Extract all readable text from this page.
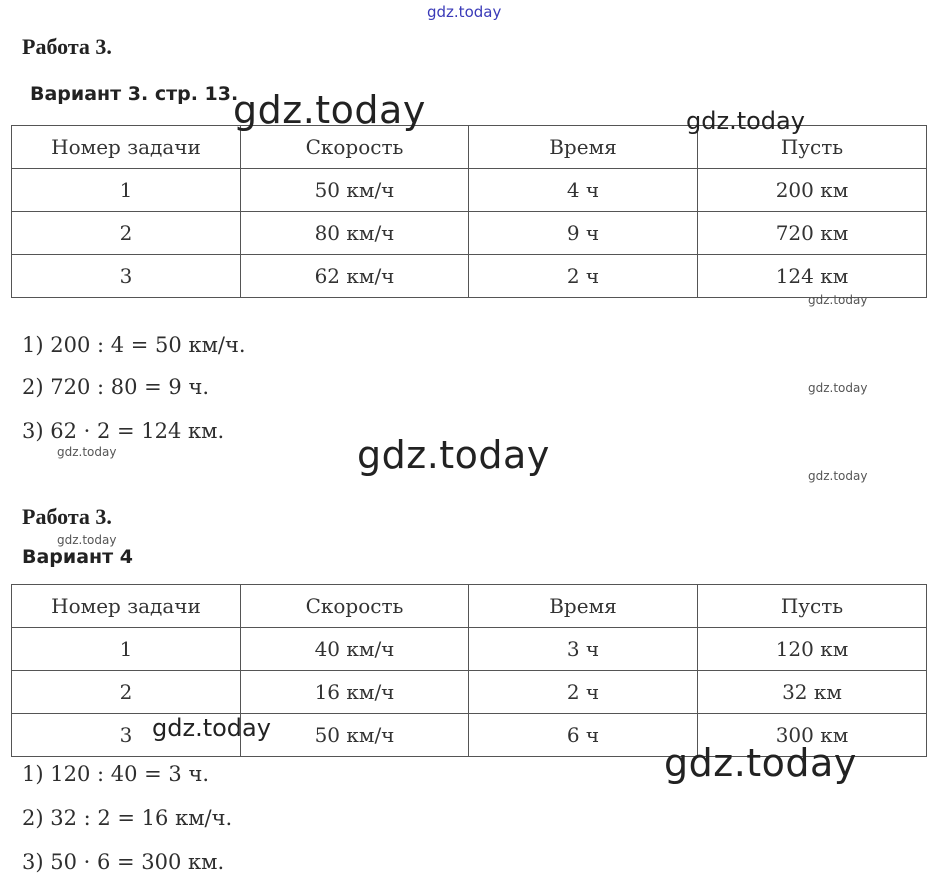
gdz.today
Работа 3.
Вариант 3. стр. 13.
Номер задачи	Скорость	Время	Пусть
1	50 км/ч	4 ч	200 км
2	80 км/ч	9 ч	720 км
3	62 км/ч	2 ч	124 км
1) 200 : 4 = 50 км/ч.
2) 720 : 80 = 9 ч.
3) 62 · 2 = 124 км.
Работа 3.
Вариант 4
Номер задачи	Скорость	Время	Пусть
1	40 км/ч	3 ч	120 км
2	16 км/ч	2 ч	32 км
3	50 км/ч	6 ч	300 км
1) 120 : 40 = 3 ч.
2) 32 : 2 = 16 км/ч.
3) 50 · 6 = 300 км.
gdz.today	gdz.today
gdz.today
gdz.today
gdz.today	gdz.today	gdz.today
gdz.today
gdz.today
gdz.today
